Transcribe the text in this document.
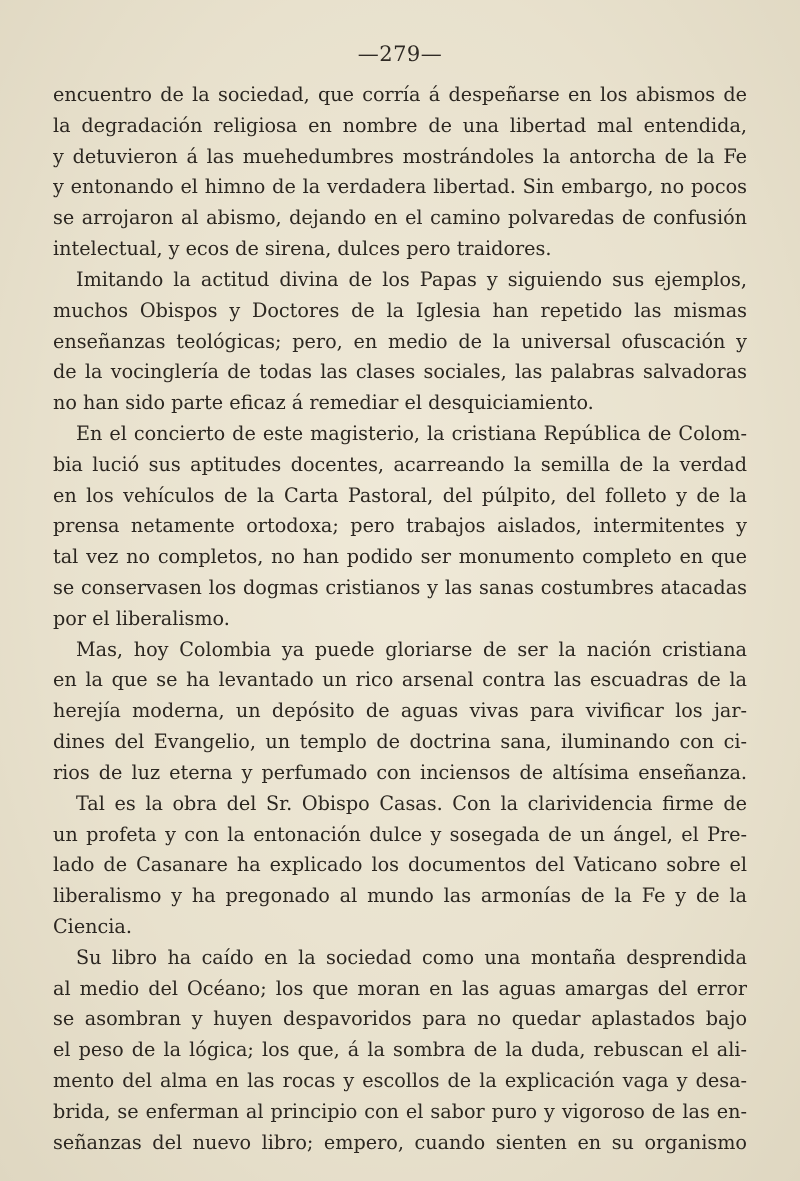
—279—
encuentro de la sociedad, que corría á despeñarse en los abismos de
la degradación religiosa en nombre de una libertad mal entendida,
y detuvieron á las muehedumbres mostrándoles la antorcha de la Fe
y entonando el himno de la verdadera libertad. Sin embargo, no pocos
se arrojaron al abismo, dejando en el camino polvaredas de confusión
intelectual, y ecos de sirena, dulces pero traidores.
Imitando la actitud divina de los Papas y siguiendo sus ejemplos,
muchos Obispos y Doctores de la Iglesia han repetido las mismas
enseñanzas teológicas; pero, en medio de la universal ofuscación y
de la vocinglería de todas las clases sociales, las palabras salvadoras
no han sido parte eficaz á remediar el desquiciamiento.
En el concierto de este magisterio, la cristiana República de Colom-
bia lució sus aptitudes docentes, acarreando la semilla de la verdad
en los vehículos de la Carta Pastoral, del púlpito, del folleto y de la
prensa netamente ortodoxa; pero trabajos aislados, intermitentes y
tal vez no completos, no han podido ser monumento completo en que
se conservasen los dogmas cristianos y las sanas costumbres atacadas
por el liberalismo.
Mas, hoy Colombia ya puede gloriarse de ser la nación cristiana
en la que se ha levantado un rico arsenal contra las escuadras de la
herejía moderna, un depósito de aguas vivas para vivificar los jar-
dines del Evangelio, un templo de doctrina sana, iluminando con ci-
rios de luz eterna y perfumado con inciensos de altísima enseñanza.
Tal es la obra del Sr. Obispo Casas. Con la clarividencia firme de
un profeta y con la entonación dulce y sosegada de un ángel, el Pre-
lado de Casanare ha explicado los documentos del Vaticano sobre el
liberalismo y ha pregonado al mundo las armonías de la Fe y de la
Ciencia.
Su libro ha caído en la sociedad como una montaña desprendida
al medio del Océano; los que moran en las aguas amargas del error
se asombran y huyen despavoridos para no quedar aplastados bajo
el peso de la lógica; los que, á la sombra de la duda, rebuscan el ali-
mento del alma en las rocas y escollos de la explicación vaga y desa-
brida, se enferman al principio con el sabor puro y vigoroso de las en-
señanzas del nuevo libro; empero, cuando sienten en su organismo
